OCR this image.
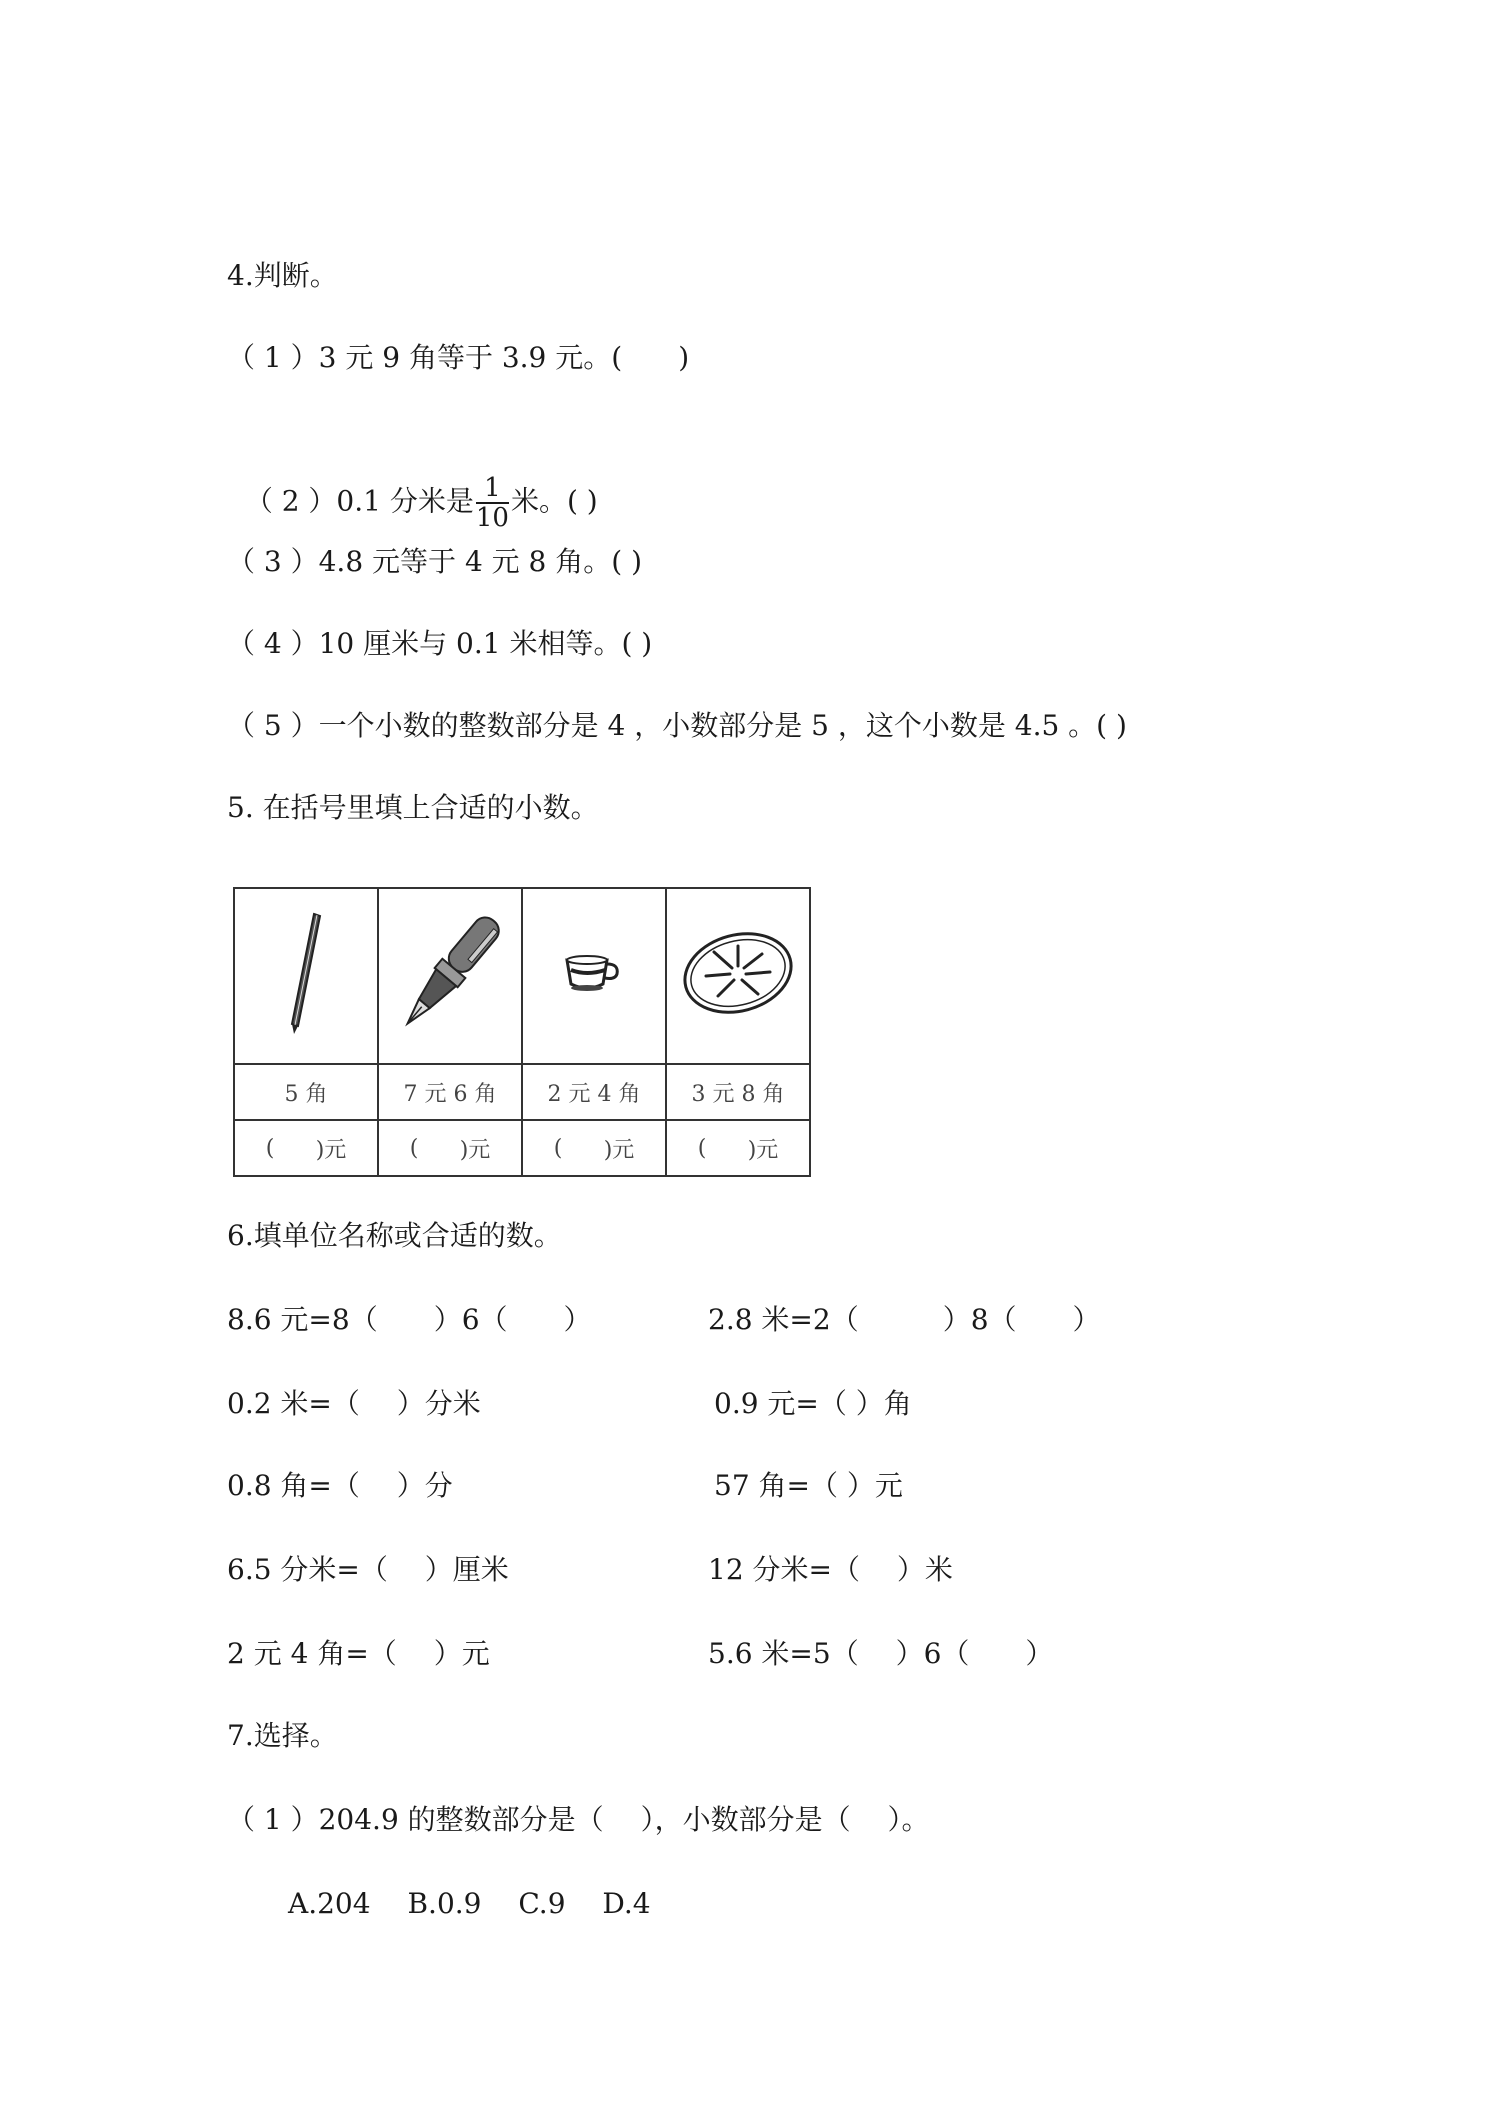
4.判断。
（ 1 ）3 元 9 角等于 3.9 元。(　　)

（ 2 ）0.1 分米是 $\frac{1}{10}$ 米。( )

（ 3 ）4.8 元等于 4 元 8 角。( )
（ 4 ）10 厘米与 0.1 米相等。( )
（ 5 ）一个小数的整数部分是 4 ，小数部分是 5 ，这个小数是 4.5 。( )
5. 在括号里填上合适的小数。

5 角	7 元 6 角	2 元 4 角	3 元 8 角

( )元	( )元	( )元	( )元
6.填单位名称或合适的数。
8.6 元=8（　　）6（　　）	2.8 米=2（　　　）8（　　）
0.2 米=（　 ）分米	0.9 元=（ ）角
0.8 角=（　 ）分	57 角=（ ）元
6.5 分米=（　 ）厘米	12 分米=（　 ）米
2 元 4 角=（　 ）元	5.6 米=5（　 ）6（　　）
7.选择。
（ 1 ）204.9 的整数部分是（　 ），小数部分是（　 ）。
A.204　 B.0.9　 C.9　 D.4
